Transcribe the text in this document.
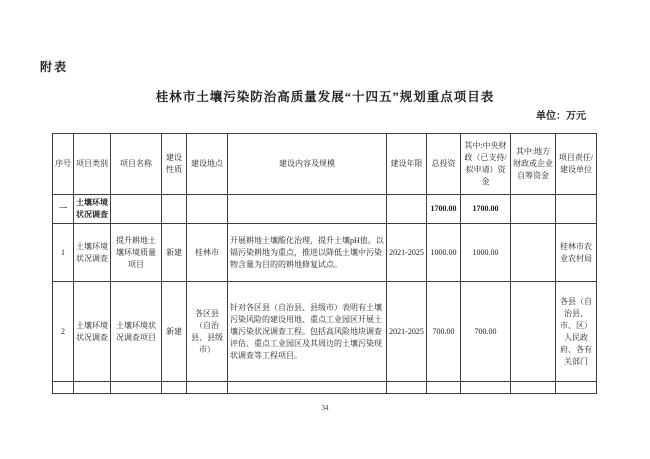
附表
桂林市土壤污染防治高质量发展“十四五”规划重点项目表
单位：万元
序号	项目类别	项目名称	建设性质	建设地点	建设内容及规模	建设年限	总投资	其中:中央财政（已支持/拟申请）资金	其中:地方财政或企业自筹资金	项目责任/建设单位
一	土壤环境状况调查						1700.00	1700.00		
1	土壤环境状况调查	提升耕地土壤环境质量项目	新建	桂林市	开展耕地土壤酸化治理，提升土壤pH值。以镉污染耕地为重点，推进以降低土壤中污染物含量为目的的耕地修复试点。	2021-2025	1000.00	1000.00		桂林市农业农村局
2	土壤环境状况调查	土壤环境状况调查项目	新建	各区县（自治县、县级市）	针对各区县（自治县、县级市）表明有土壤污染风险的建设用地、重点工业园区开展土壤污染状况调查工程。包括高风险地块调查评估、重点工业园区及其周边的土壤污染现状调查等工程项目。	2021-2025	700.00	700.00		各县（自治县、市、区）人民政府、各有关部门

34
